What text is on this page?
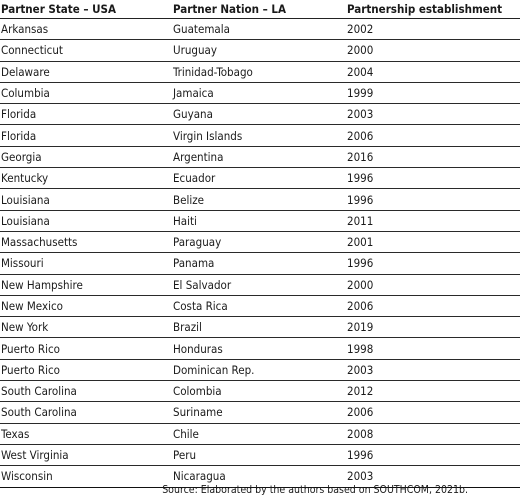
Partner State – USA	Partner Nation – LA	Partnership establishment
Arkansas	Guatemala	2002
Connecticut	Uruguay	2000
Delaware	Trinidad-Tobago	2004
Columbia	Jamaica	1999
Florida	Guyana	2003
Florida	Virgin Islands	2006
Georgia	Argentina	2016
Kentucky	Ecuador	1996
Louisiana	Belize	1996
Louisiana	Haiti	2011
Massachusetts	Paraguay	2001
Missouri	Panama	1996
New Hampshire	El Salvador	2000
New Mexico	Costa Rica	2006
New York	Brazil	2019
Puerto Rico	Honduras	1998
Puerto Rico	Dominican Rep.	2003
South Carolina	Colombia	2012
South Carolina	Suriname	2006
Texas	Chile	2008
West Virginia	Peru	1996
Wisconsin	Nicaragua	2003
Source: Elaborated by the authors based on SOUTHCOM, 2021b.
